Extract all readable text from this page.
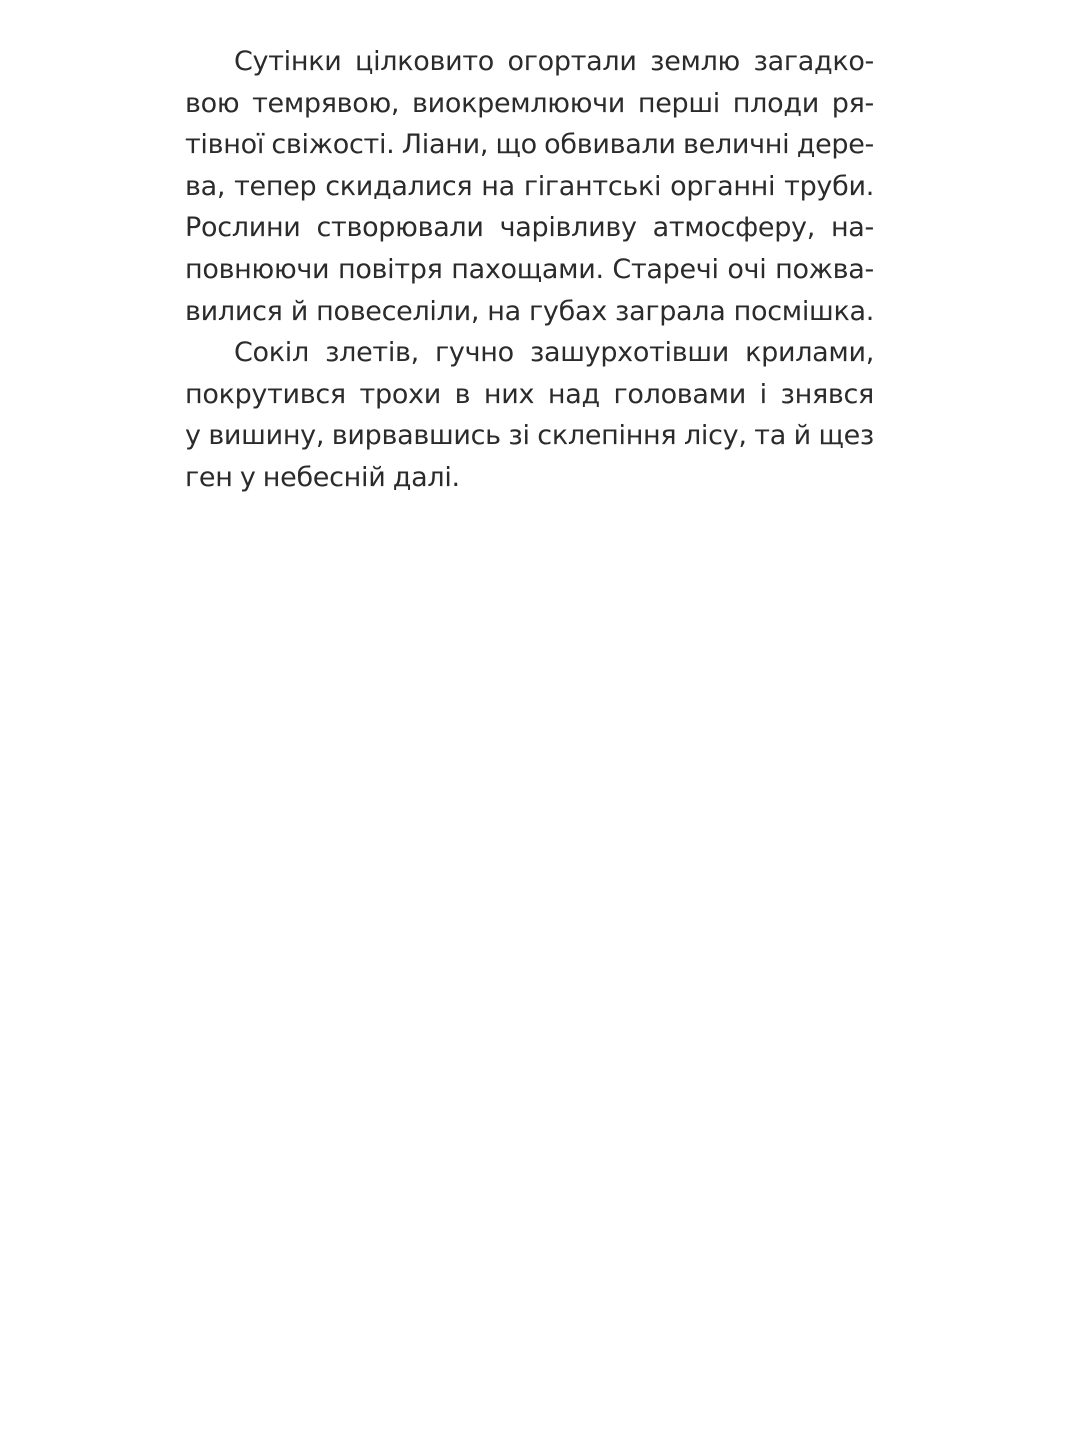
Сутінки цілковито огортали землю загадко-
вою темрявою, виокремлюючи перші плоди ря-
тівної свіжості. Ліани, що обвивали величні дере-
ва, тепер скидалися на гігантські органні труби.
Рослини створювали чарівливу атмосферу, на-
повнюючи повітря пахощами. Старечі очі пожва-
вилися й повеселіли, на губах заграла посмішка.

Сокіл злетів, гучно зашурхотівши крилами,
покрутився трохи в них над головами і знявся
у вишину, вирвавшись зі склепіння лісу, та й щез
ген у небесній далі.
